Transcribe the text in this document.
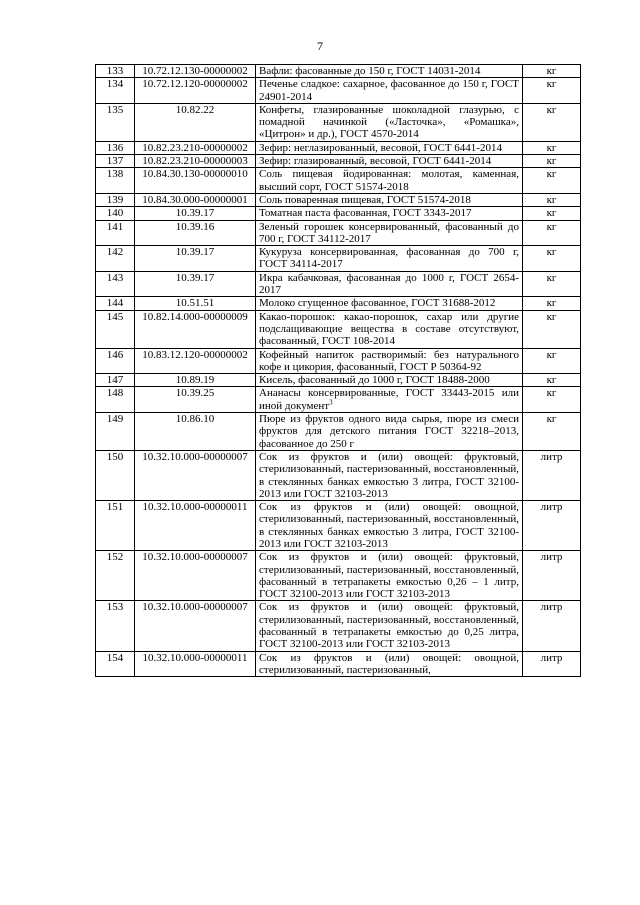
7
133	10.72.12.130-00000002	Вафли: фасованные до 150 г, ГОСТ 14031-2014	кг
134	10.72.12.120-00000002	Печенье сладкое: сахарное, фасованное до 150 г, ГОСТ 24901-2014	кг
135	10.82.22	Конфеты, глазированные шоколадной глазурью, с помадной начинкой («Ласточка», «Ромашка», «Цитрон» и др.), ГОСТ 4570-2014	кг
136	10.82.23.210-00000002	Зефир: неглазированный, весовой, ГОСТ 6441-2014	кг
137	10.82.23.210-00000003	Зефир: глазированный, весовой, ГОСТ 6441-2014	кг
138	10.84.30.130-00000010	Соль пищевая йодированная: молотая, каменная, высший сорт, ГОСТ 51574-2018	кг
139	10.84.30.000-00000001	Соль поваренная пищевая, ГОСТ 51574-2018	кг
140	10.39.17	Томатная паста фасованная, ГОСТ 3343-2017	кг
141	10.39.16	Зеленый горошек консервированный, фасованный до 700 г, ГОСТ 34112-2017	кг
142	10.39.17	Кукуруза консервированная, фасованная до 700 г, ГОСТ 34114-2017	кг
143	10.39.17	Икра кабачковая, фасованная до 1000 г, ГОСТ 2654-2017	кг
144	10.51.51	Молоко сгущенное фасованное, ГОСТ 31688-2012	кг
145	10.82.14.000-00000009	Какао-порошок: какао-порошок, сахар или другие подслащивающие вещества в составе отсутствуют, фасованный, ГОСТ 108-2014	кг
146	10.83.12.120-00000002	Кофейный напиток растворимый: без натурального кофе и цикория, фасованный, ГОСТ Р 50364-92	кг
147	10.89.19	Кисель, фасованный до 1000 г, ГОСТ 18488-2000	кг
148	10.39.25	Ананасы консервированные, ГОСТ 33443-2015 или иной документ$^3$	кг
149	10.86.10	Пюре из фруктов одного вида сырья, пюре из смеси фруктов для детского питания ГОСТ 32218–2013, фасованное до 250 г	кг
150	10.32.10.000-00000007	Сок из фруктов и (или) овощей: фруктовый, стерилизованный, пастеризованный, восстановленный, в стеклянных банках емкостью 3 литра, ГОСТ 32100-2013 или ГОСТ 32103-2013	литр
151	10.32.10.000-00000011	Сок из фруктов и (или) овощей: овощной, стерилизованный, пастеризованный, восстановленный, в стеклянных банках емкостью 3 литра, ГОСТ 32100-2013 или ГОСТ 32103-2013	литр
152	10.32.10.000-00000007	Сок из фруктов и (или) овощей: фруктовый, стерилизованный, пастеризованный, восстановленный, фасованный в тетрапакеты емкостью 0,26 – 1 литр, ГОСТ 32100-2013 или ГОСТ 32103-2013	литр
153	10.32.10.000-00000007	Сок из фруктов и (или) овощей: фруктовый, стерилизованный, пастеризованный, восстановленный, фасованный в тетрапакеты емкостью до 0,25 литра, ГОСТ 32100-2013 или ГОСТ 32103-2013	литр
154	10.32.10.000-00000011	Сок из фруктов и (или) овощей: овощной, стерилизованный, пастеризованный,	литр
